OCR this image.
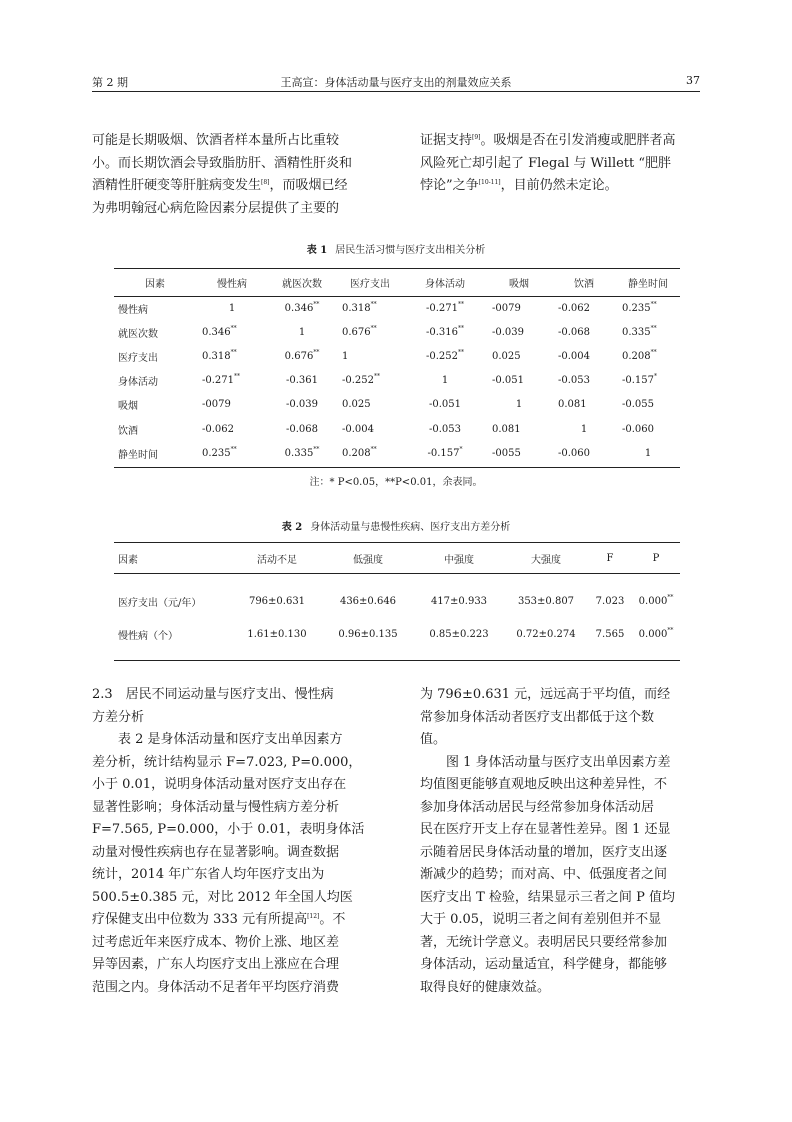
第 2 期	王高宣：身体活动量与医疗支出的剂量效应关系	37
可能是长期吸烟、饮酒者样本量所占比重较
小。而长期饮酒会导致脂肪肝、酒精性肝炎和
酒精性肝硬变等肝脏病变发生[8]，而吸烟已经
为弗明翰冠心病危险因素分层提供了主要的
证据支持[9]。吸烟是否在引发消瘦或肥胖者高
风险死亡却引起了 Flegal 与 Willett “肥胖
悖论”之争[10-11]，目前仍然未定论。
表 1 居民生活习惯与医疗支出相关分析
因素	慢性病	就医次数	医疗支出	身体活动	吸烟	饮酒	静坐时间
慢性病	1	0.346**	0.318**	-0.271**	-0079	-0.062	0.235**
就医次数	0.346**	1	0.676**	-0.316**	-0.039	-0.068	0.335**
医疗支出	0.318**	0.676**	1	-0.252**	0.025	-0.004	0.208**
身体活动	-0.271**	-0.361	-0.252**	1	-0.051	-0.053	-0.157*
吸烟	-0079	-0.039	0.025	-0.051	1	0.081	-0.055
饮酒	-0.062	-0.068	-0.004	-0.053	0.081	1	-0.060
静坐时间	0.235**	0.335**	0.208**	-0.157*	-0055	-0.060	1
注：* P<0.05，**P<0.01，余表同。
表 2 身体活动量与患慢性疾病、医疗支出方差分析
因素	活动不足	低强度	中强度	大强度	F	P

医疗支出（元/年）	796±0.631	436±0.646	417±0.933	353±0.807	7.023	0.000**
慢性病（个）	1.61±0.130	0.96±0.135	0.85±0.223	0.72±0.274	7.565	0.000**
2.3　居民不同运动量与医疗支出、慢性病
方差分析
　　表 2 是身体活动量和医疗支出单因素方
差分析，统计结构显示 F=7.023, P=0.000，
小于 0.01，说明身体活动量对医疗支出存在
显著性影响；身体活动量与慢性病方差分析
F=7.565, P=0.000，小于 0.01，表明身体活
动量对慢性疾病也存在显著影响。调查数据
统计，2014 年广东省人均年医疗支出为
500.5±0.385 元，对比 2012 年全国人均医
疗保健支出中位数为 333 元有所提高[12]。不
过考虑近年来医疗成本、物价上涨、地区差
异等因素，广东人均医疗支出上涨应在合理
范围之内。身体活动不足者年平均医疗消费
为 796±0.631 元，远远高于平均值，而经
常参加身体活动者医疗支出都低于这个数
值。
　　图 1 身体活动量与医疗支出单因素方差
均值图更能够直观地反映出这种差异性，不
参加身体活动居民与经常参加身体活动居
民在医疗开支上存在显著性差异。图 1 还显
示随着居民身体活动量的增加，医疗支出逐
渐减少的趋势；而对高、中、低强度者之间
医疗支出 T 检验，结果显示三者之间 P 值均
大于 0.05，说明三者之间有差别但并不显
著，无统计学意义。表明居民只要经常参加
身体活动，运动量适宜，科学健身，都能够
取得良好的健康效益。
